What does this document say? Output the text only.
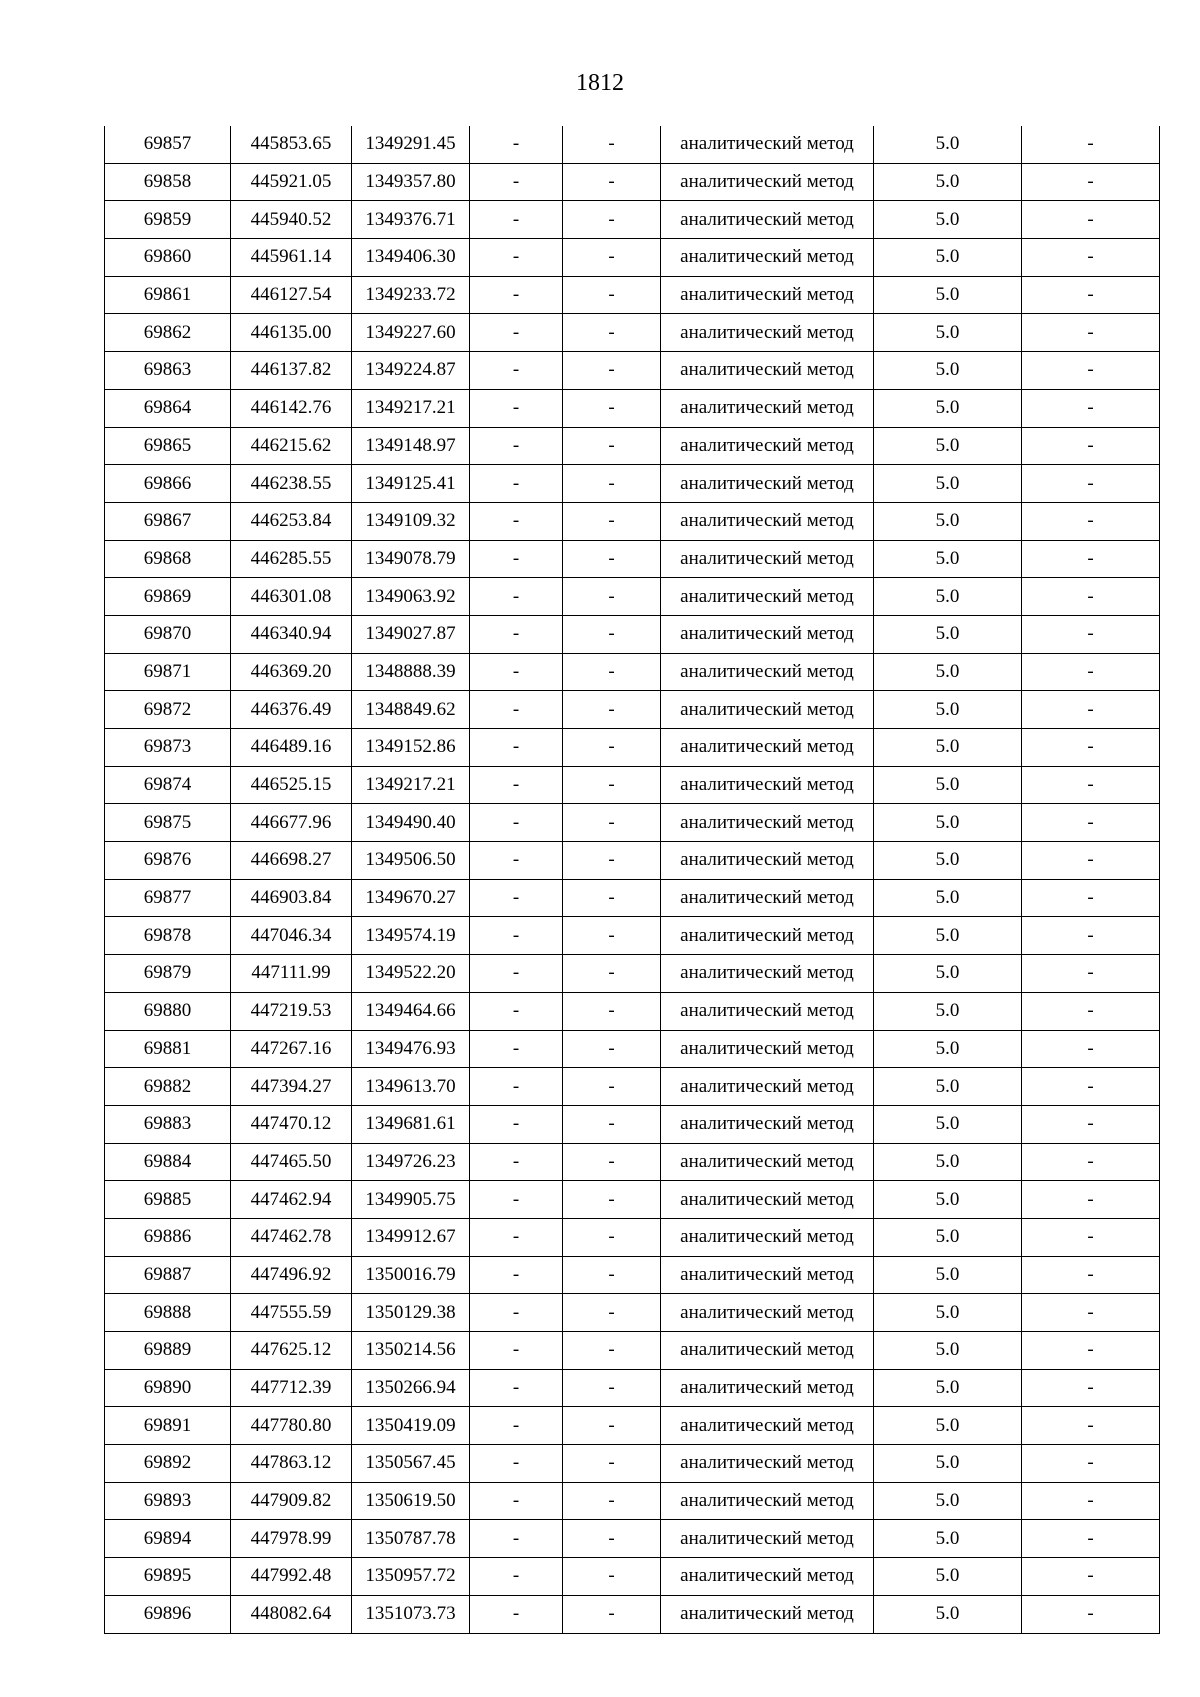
1812
69857	445853.65	1349291.45	-	-	аналитический метод	5.0	-
69858	445921.05	1349357.80	-	-	аналитический метод	5.0	-
69859	445940.52	1349376.71	-	-	аналитический метод	5.0	-
69860	445961.14	1349406.30	-	-	аналитический метод	5.0	-
69861	446127.54	1349233.72	-	-	аналитический метод	5.0	-
69862	446135.00	1349227.60	-	-	аналитический метод	5.0	-
69863	446137.82	1349224.87	-	-	аналитический метод	5.0	-
69864	446142.76	1349217.21	-	-	аналитический метод	5.0	-
69865	446215.62	1349148.97	-	-	аналитический метод	5.0	-
69866	446238.55	1349125.41	-	-	аналитический метод	5.0	-
69867	446253.84	1349109.32	-	-	аналитический метод	5.0	-
69868	446285.55	1349078.79	-	-	аналитический метод	5.0	-
69869	446301.08	1349063.92	-	-	аналитический метод	5.0	-
69870	446340.94	1349027.87	-	-	аналитический метод	5.0	-
69871	446369.20	1348888.39	-	-	аналитический метод	5.0	-
69872	446376.49	1348849.62	-	-	аналитический метод	5.0	-
69873	446489.16	1349152.86	-	-	аналитический метод	5.0	-
69874	446525.15	1349217.21	-	-	аналитический метод	5.0	-
69875	446677.96	1349490.40	-	-	аналитический метод	5.0	-
69876	446698.27	1349506.50	-	-	аналитический метод	5.0	-
69877	446903.84	1349670.27	-	-	аналитический метод	5.0	-
69878	447046.34	1349574.19	-	-	аналитический метод	5.0	-
69879	447111.99	1349522.20	-	-	аналитический метод	5.0	-
69880	447219.53	1349464.66	-	-	аналитический метод	5.0	-
69881	447267.16	1349476.93	-	-	аналитический метод	5.0	-
69882	447394.27	1349613.70	-	-	аналитический метод	5.0	-
69883	447470.12	1349681.61	-	-	аналитический метод	5.0	-
69884	447465.50	1349726.23	-	-	аналитический метод	5.0	-
69885	447462.94	1349905.75	-	-	аналитический метод	5.0	-
69886	447462.78	1349912.67	-	-	аналитический метод	5.0	-
69887	447496.92	1350016.79	-	-	аналитический метод	5.0	-
69888	447555.59	1350129.38	-	-	аналитический метод	5.0	-
69889	447625.12	1350214.56	-	-	аналитический метод	5.0	-
69890	447712.39	1350266.94	-	-	аналитический метод	5.0	-
69891	447780.80	1350419.09	-	-	аналитический метод	5.0	-
69892	447863.12	1350567.45	-	-	аналитический метод	5.0	-
69893	447909.82	1350619.50	-	-	аналитический метод	5.0	-
69894	447978.99	1350787.78	-	-	аналитический метод	5.0	-
69895	447992.48	1350957.72	-	-	аналитический метод	5.0	-
69896	448082.64	1351073.73	-	-	аналитический метод	5.0	-
